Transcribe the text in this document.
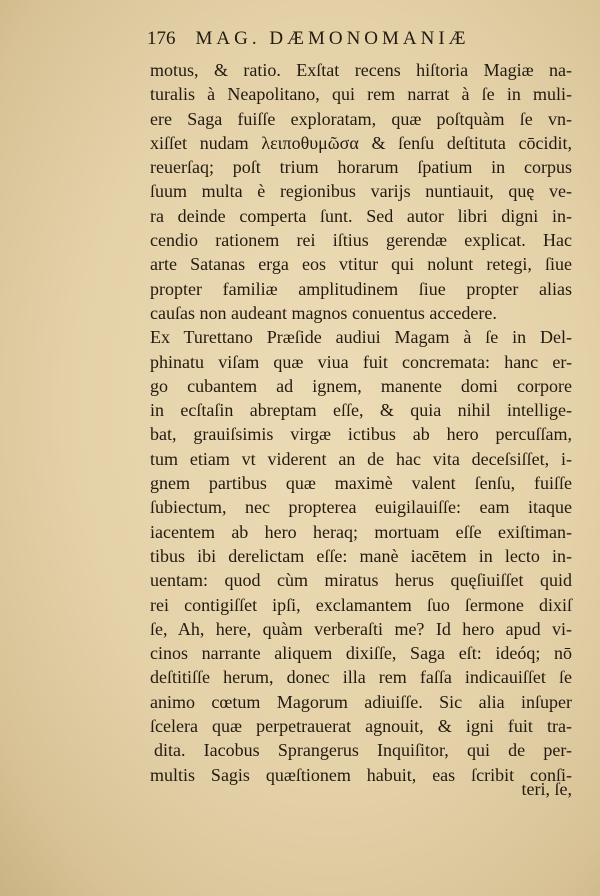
176 MAG. DÆMONOMANIÆ
motus, & ratio. Exſtat recens hiſtoria Magiæ na-
turalis à Neapolitano, qui rem narrat à ſe in muli-
ere Saga fuiſſe exploratam, quæ poſtquàm ſe vn-
xiſſet nudam λειποθυμῶσα & ſenſu deſtituta cōcidit,
reuerſaq; poſt trium horarum ſpatium in corpus
ſuum multa è regionibus varijs nuntiauit, quę ve-
ra deinde comperta ſunt. Sed autor libri digni in-
cendio rationem rei iſtius gerendæ explicat. Hac
arte Satanas erga eos vtitur qui nolunt retegi, ſiue
propter familiæ amplitudinem ſiue propter alias
cauſas non audeant magnos conuentus accedere.
Ex Turettano Præſide audiui Magam à ſe in Del-
phinatu viſam quæ viua fuit concremata: hanc er-
go cubantem ad ignem, manente domi corpore
in ecſtaſin abreptam eſſe, & quia nihil intellige-
bat, grauiſsimis virgæ ictibus ab hero percuſſam,
tum etiam vt viderent an de hac vita deceſsiſſet, i-
gnem partibus quæ maximè valent ſenſu, fuiſſe
ſubiectum, nec propterea euigilauiſſe: eam itaque
iacentem ab hero heraq; mortuam eſſe exiſtiman-
tibus ibi derelictam eſſe: manè iacētem in lecto in-
uentam: quod cùm miratus herus quęſiuiſſet quid
rei contigiſſet ipſi, exclamantem ſuo ſermone dixiſ
ſe, Ah, here, quàm verberaſti me? Id hero apud vi-
cinos narrante aliquem dixiſſe, Saga eſt: ideóq; nō
deſtitiſſe herum, donec illa rem faſſa indicauiſſet ſe
animo cœtum Magorum adiuiſſe. Sic alia inſuper
ſcelera quæ perpetrauerat agnouit, & igni fuit tra-
dita. Iacobus Sprangerus Inquiſitor, qui de per-
multis Sagis quæſtionem habuit, eas ſcribit conſi-
teri, ſe,
